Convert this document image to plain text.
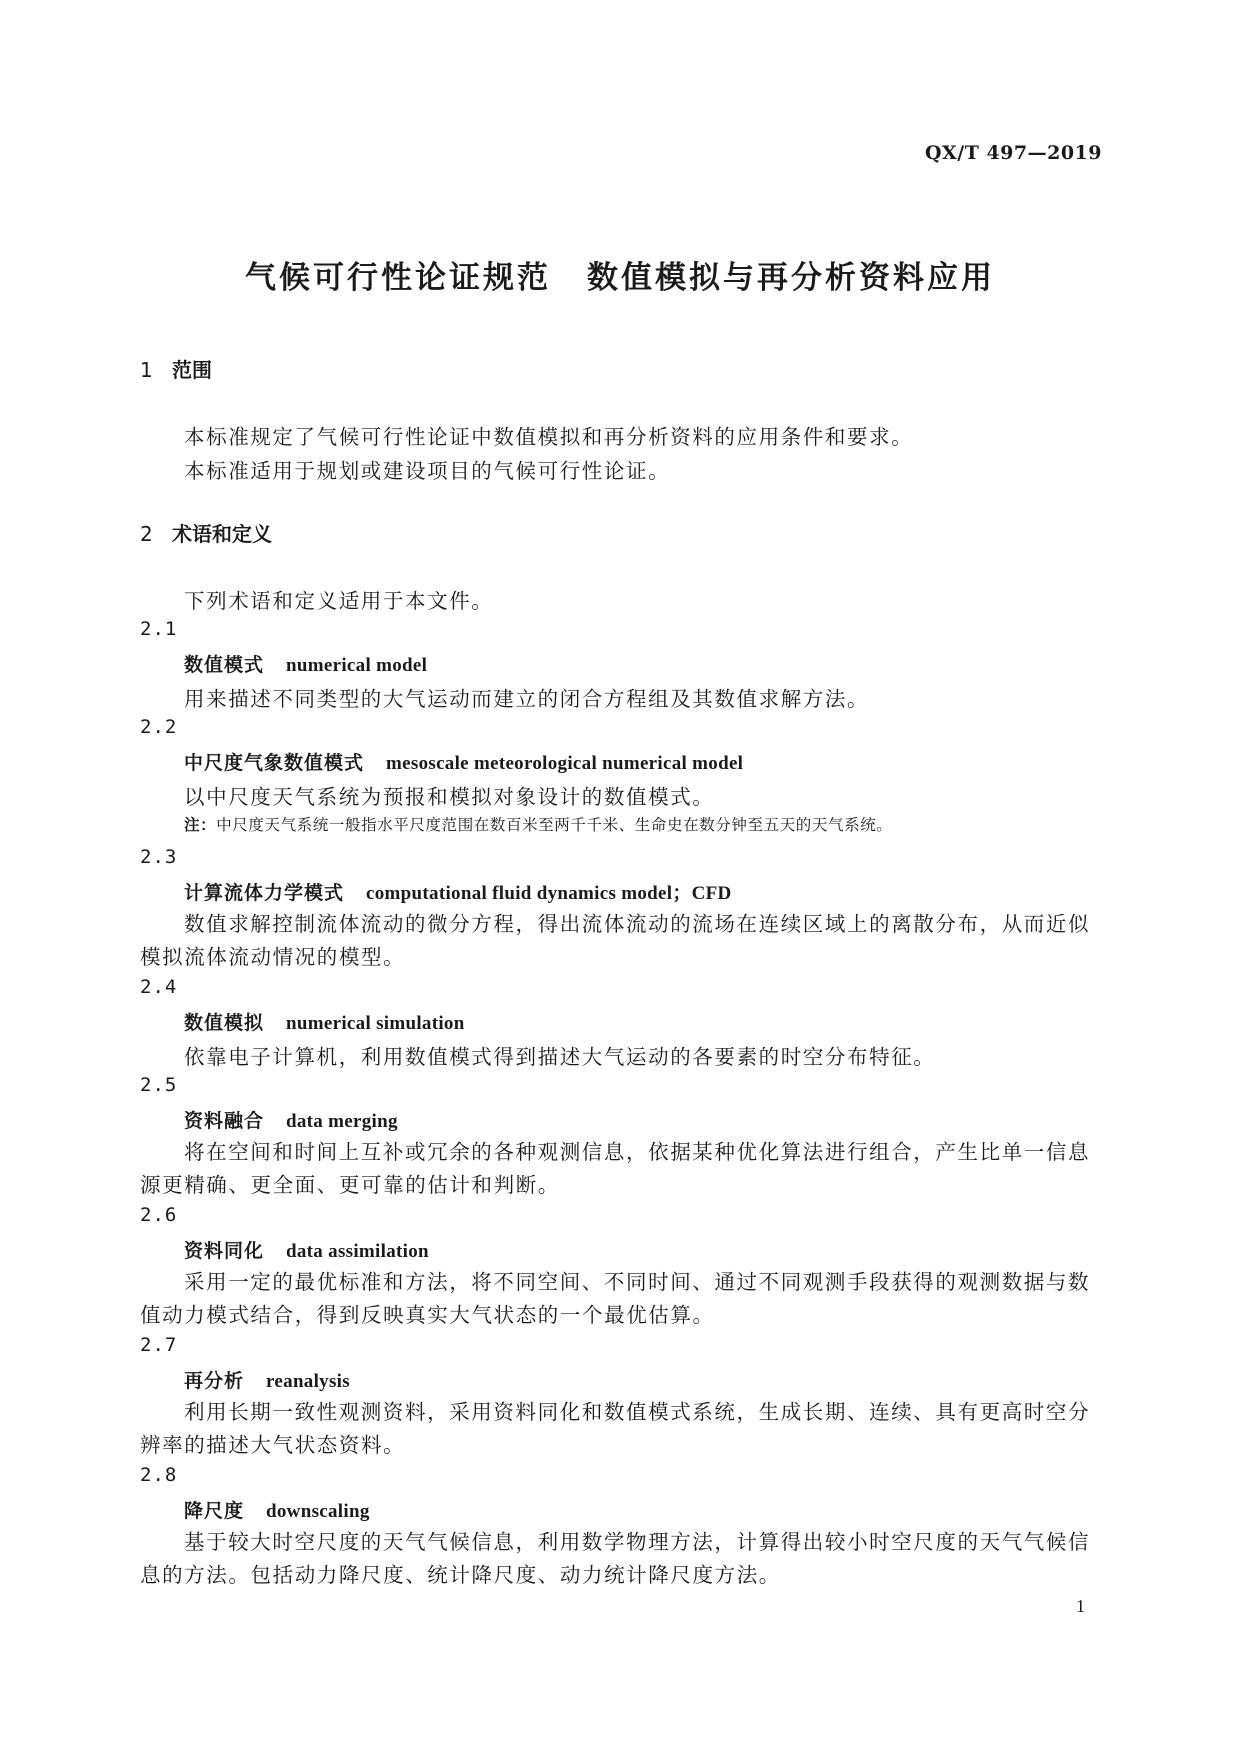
QX/T 497—2019
气候可行性论证规范 数值模拟与再分析资料应用
1 范围
本标准规定了气候可行性论证中数值模拟和再分析资料的应用条件和要求。
本标准适用于规划或建设项目的气候可行性论证。
2 术语和定义
下列术语和定义适用于本文件。
2.1
数值模式 numerical model
用来描述不同类型的大气运动而建立的闭合方程组及其数值求解方法。
2.2
中尺度气象数值模式 mesoscale meteorological numerical model
以中尺度天气系统为预报和模拟对象设计的数值模式。
注：中尺度天气系统一般指水平尺度范围在数百米至两千千米、生命史在数分钟至五天的天气系统。
2.3
计算流体力学模式 computational fluid dynamics model；CFD
数值求解控制流体流动的微分方程，得出流体流动的流场在连续区域上的离散分布，从而近似模拟流体流动情况的模型。
2.4
数值模拟 numerical simulation
依靠电子计算机，利用数值模式得到描述大气运动的各要素的时空分布特征。
2.5
资料融合 data merging
将在空间和时间上互补或冗余的各种观测信息，依据某种优化算法进行组合，产生比单一信息源更精确、更全面、更可靠的估计和判断。
2.6
资料同化 data assimilation
采用一定的最优标准和方法，将不同空间、不同时间、通过不同观测手段获得的观测数据与数值动力模式结合，得到反映真实大气状态的一个最优估算。
2.7
再分析 reanalysis
利用长期一致性观测资料，采用资料同化和数值模式系统，生成长期、连续、具有更高时空分辨率的描述大气状态资料。
2.8
降尺度 downscaling
基于较大时空尺度的天气气候信息，利用数学物理方法，计算得出较小时空尺度的天气气候信息的方法。包括动力降尺度、统计降尺度、动力统计降尺度方法。
1
